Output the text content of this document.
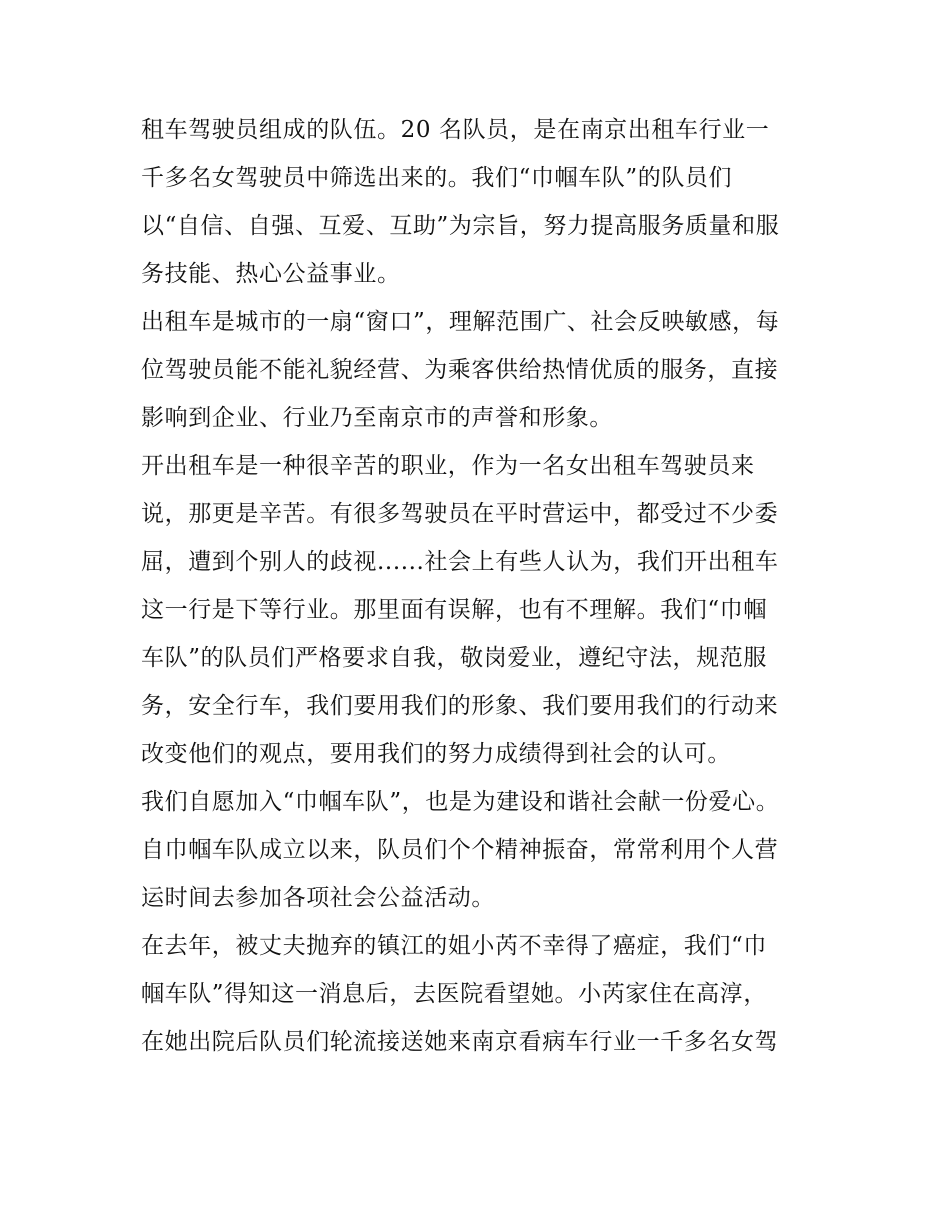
租车驾驶员组成的队伍。20 名队员，是在南京出租车行业一
千多名女驾驶员中筛选出来的。我们“巾帼车队”的队员们
以“自信、自强、互爱、互助”为宗旨，努力提高服务质量和服
务技能、热心公益事业。
出租车是城市的一扇“窗口”，理解范围广、社会反映敏感，每
位驾驶员能不能礼貌经营、为乘客供给热情优质的服务，直接
影响到企业、行业乃至南京市的声誉和形象。
开出租车是一种很辛苦的职业，作为一名女出租车驾驶员来
说，那更是辛苦。有很多驾驶员在平时营运中，都受过不少委
屈，遭到个别人的歧视......社会上有些人认为，我们开出租车
这一行是下等行业。那里面有误解，也有不理解。我们“巾帼
车队”的队员们严格要求自我，敬岗爱业，遵纪守法，规范服
务，安全行车，我们要用我们的形象、我们要用我们的行动来
改变他们的观点，要用我们的努力成绩得到社会的认可。
我们自愿加入“巾帼车队”，也是为建设和谐社会献一份爱心。
自巾帼车队成立以来，队员们个个精神振奋，常常利用个人营
运时间去参加各项社会公益活动。
在去年，被丈夫抛弃的镇江的姐小芮不幸得了癌症，我们“巾
帼车队”得知这一消息后，去医院看望她。小芮家住在高淳，
在她出院后队员们轮流接送她来南京看病车行业一千多名女驾
